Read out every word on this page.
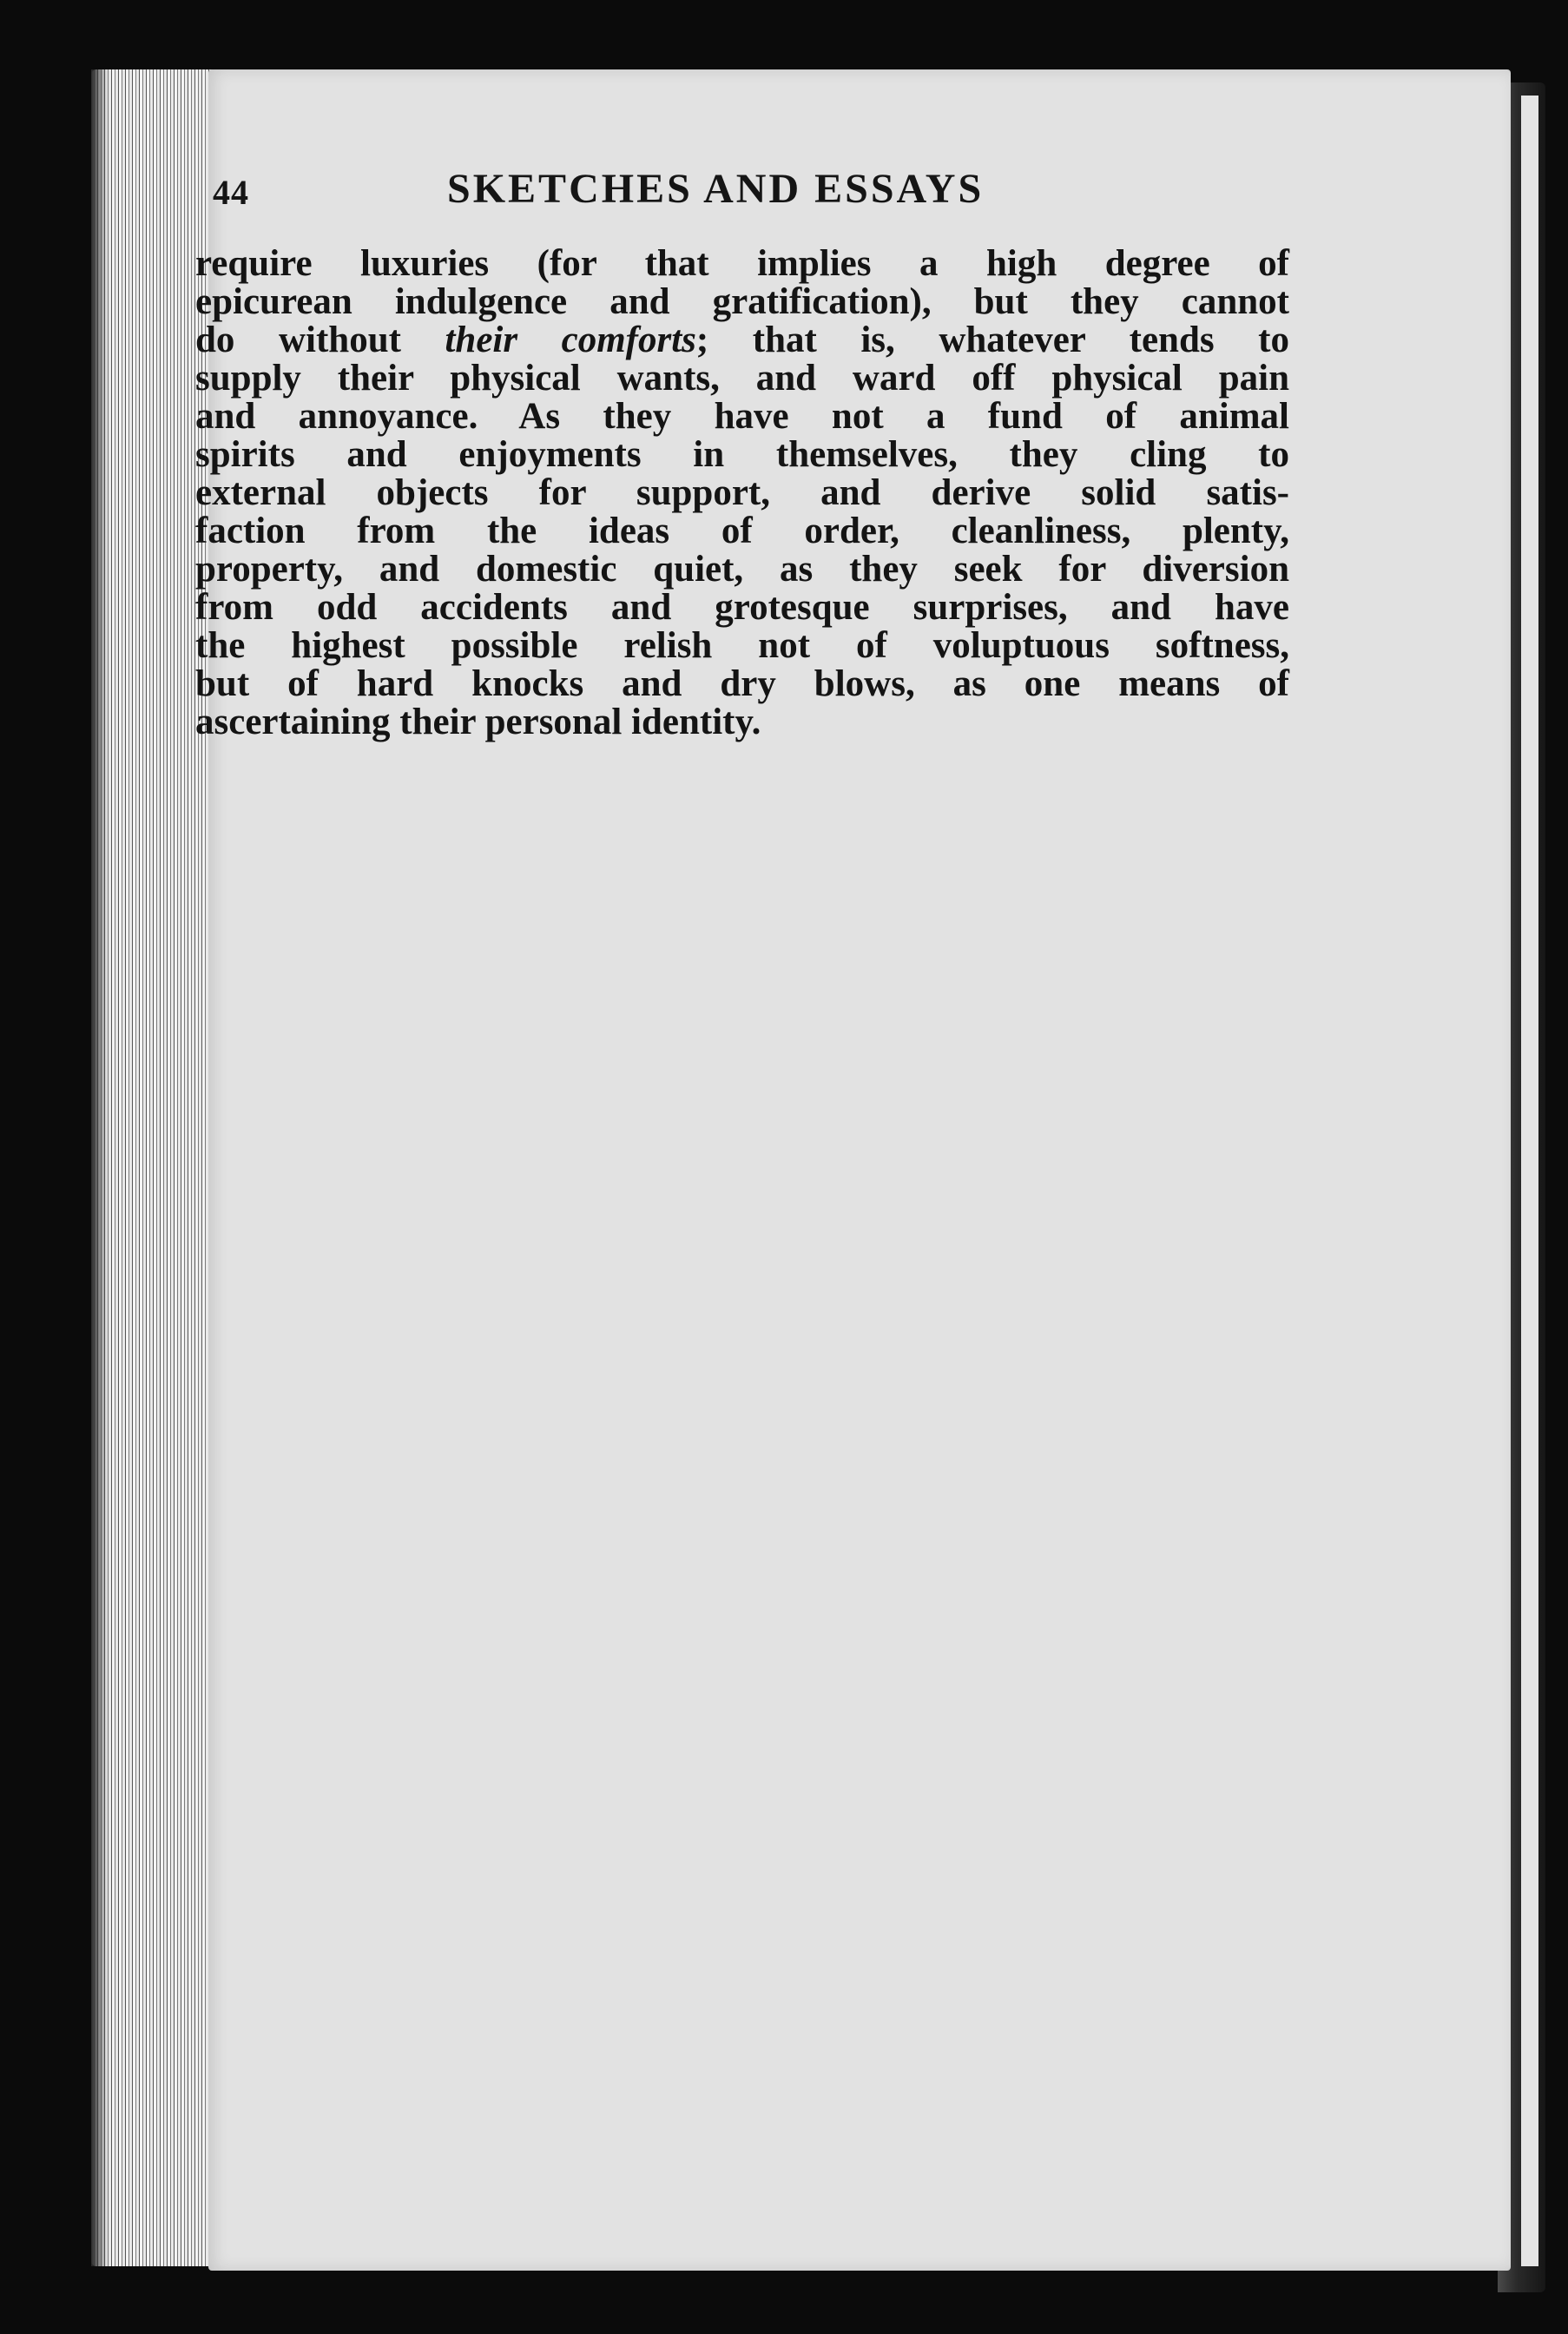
44	SKETCHES AND ESSAYS
require luxuries (for that implies a high degree of
epicurean indulgence and gratification), but they cannot
do without their comforts; that is, whatever tends to
supply their physical wants, and ward off physical pain
and annoyance. As they have not a fund of animal
spirits and enjoyments in themselves, they cling to
external objects for support, and derive solid satis-
faction from the ideas of order, cleanliness, plenty,
property, and domestic quiet, as they seek for diversion
from odd accidents and grotesque surprises, and have
the highest possible relish not of voluptuous softness,
but of hard knocks and dry blows, as one means of
ascertaining their personal identity.
